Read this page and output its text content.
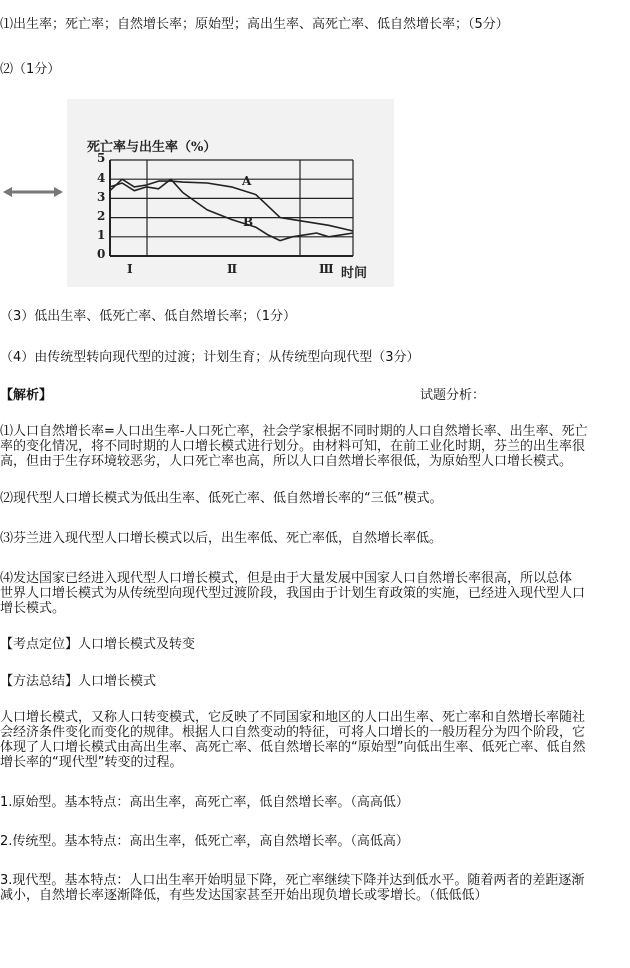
⑴出生率；死亡率；自然增长率；原始型；高出生率、高死亡率、低自然增长率；（5分）
⑵（1分）
死亡率与出生率（%）
5
4
3
2
1
0
A
B
Ⅰ	Ⅱ	Ⅲ 时间
（3）低出生率、低死亡率、低自然增长率；（1分）
（4）由传统型转向现代型的过渡；计划生育；从传统型向现代型（3分）
【解析】	试题分析：
⑴人口自然增长率=人口出生率-人口死亡率，社会学家根据不同时期的人口自然增长率、出生率、死亡
率的变化情况，将不同时期的人口增长模式进行划分。由材料可知，在前工业化时期，芬兰的出生率很
高，但由于生存环境较恶劣，人口死亡率也高，所以人口自然增长率很低，为原始型人口增长模式。
⑵现代型人口增长模式为低出生率、低死亡率、低自然增长率的“三低”模式。
⑶芬兰进入现代型人口增长模式以后，出生率低、死亡率低，自然增长率低。
⑷发达国家已经进入现代型人口增长模式，但是由于大量发展中国家人口自然增长率很高，所以总体
世界人口增长模式为从传统型向现代型过渡阶段，我国由于计划生育政策的实施，已经进入现代型人口
增长模式。
【考点定位】人口增长模式及转变
【方法总结】人口增长模式
人口增长模式，又称人口转变模式，它反映了不同国家和地区的人口出生率、死亡率和自然增长率随社
会经济条件变化而变化的规律。根据人口自然变动的特征，可将人口增长的一般历程分为四个阶段，它
体现了人口增长模式由高出生率、高死亡率、低自然增长率的“原始型”向低出生率、低死亡率、低自然
增长率的“现代型”转变的过程。
1.原始型。基本特点：高出生率，高死亡率，低自然增长率。（高高低）
2.传统型。基本特点：高出生率，低死亡率，高自然增长率。（高低高）
3.现代型。基本特点：人口出生率开始明显下降，死亡率继续下降并达到低水平。随着两者的差距逐渐
减小，自然增长率逐渐降低，有些发达国家甚至开始出现负增长或零增长。（低低低）
